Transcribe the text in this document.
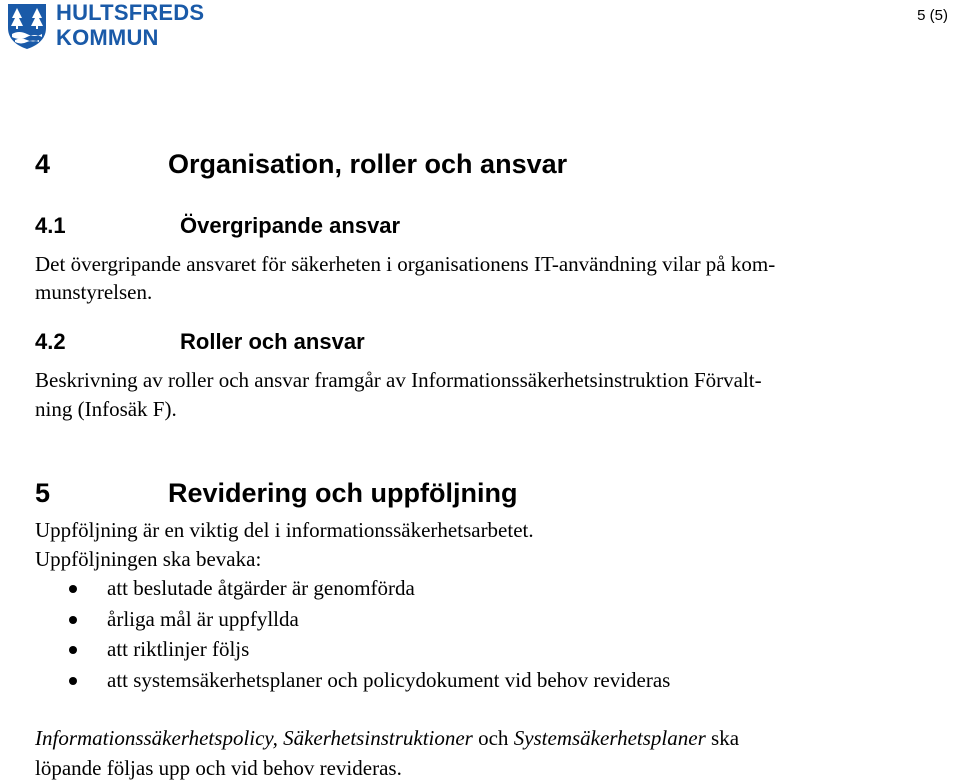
HULTSFREDS
KOMMUN
5 (5)
4	Organisation, roller och ansvar
4.1	Övergripande ansvar
Det övergripande ansvaret för säkerheten i organisationens IT-användning vilar på kom-
munstyrelsen.
4.2	Roller och ansvar
Beskrivning av roller och ansvar framgår av Informationssäkerhetsinstruktion Förvalt-
ning (Infosäk F).
5	Revidering och uppföljning
Uppföljning är en viktig del i informationssäkerhetsarbetet.
Uppföljningen ska bevaka:
att beslutade åtgärder är genomförda
årliga mål är uppfyllda
att riktlinjer följs
att systemsäkerhetsplaner och policydokument vid behov revideras
Informationssäkerhetspolicy, Säkerhetsinstruktioner och Systemsäkerhetsplaner ska
löpande följas upp och vid behov revideras.
